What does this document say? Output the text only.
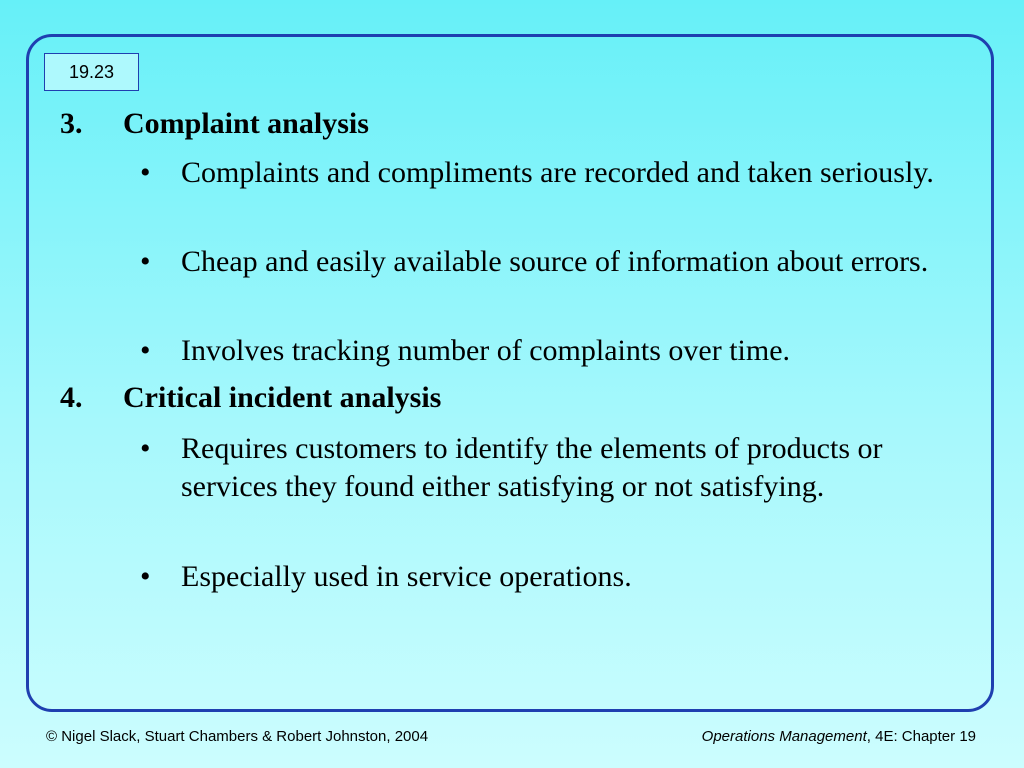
19.23
3. Complaint analysis
• Complaints and compliments are recorded and taken seriously.
• Cheap and easily available source of information about errors.
• Involves tracking number of complaints over time.
4. Critical incident analysis
• Requires customers to identify the elements of products or services they found either satisfying or not satisfying.
• Especially used in service operations.
© Nigel Slack, Stuart Chambers & Robert Johnston, 2004	Operations Management, 4E: Chapter 19
